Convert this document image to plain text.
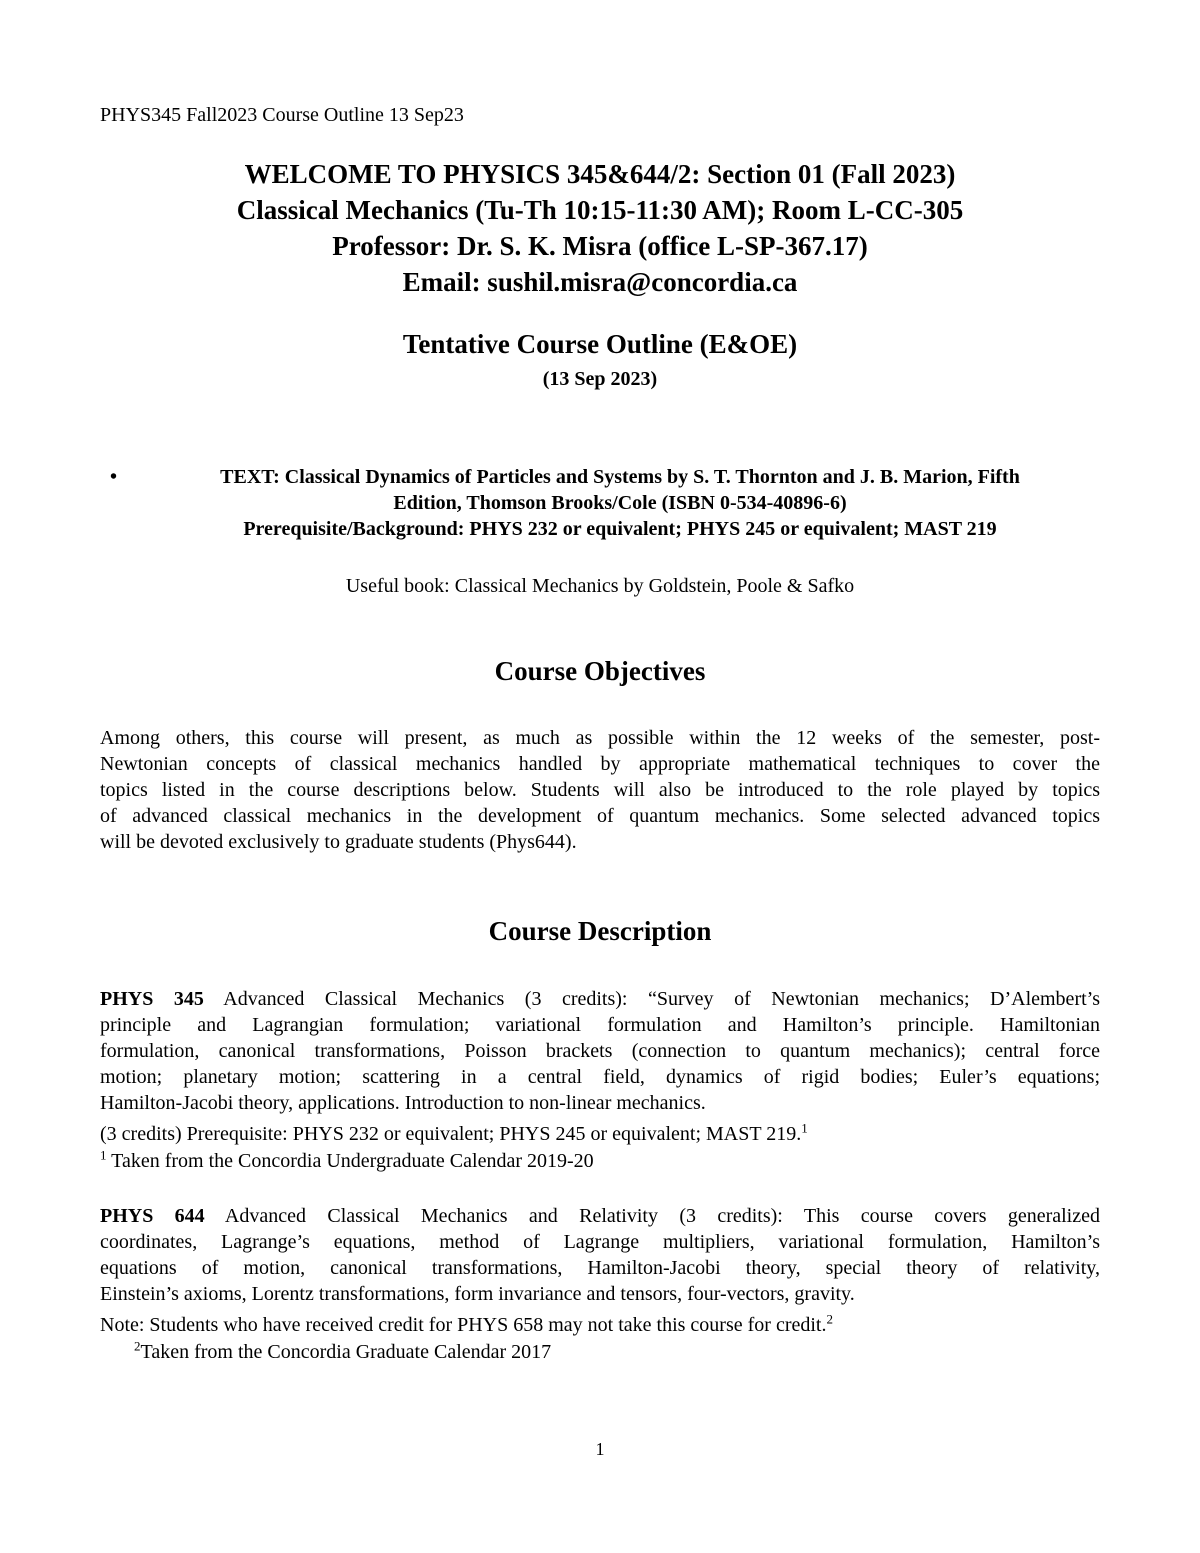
PHYS345 Fall2023 Course Outline 13 Sep23
WELCOME TO PHYSICS 345&644/2: Section 01 (Fall 2023)
Classical Mechanics (Tu-Th 10:15-11:30 AM); Room L-CC-305
Professor: Dr. S. K. Misra (office L-SP-367.17)
Email: sushil.misra@concordia.ca
Tentative Course Outline (E&OE)
(13 Sep 2023)
•	TEXT: Classical Dynamics of Particles and Systems by S. T. Thornton and J. B. Marion, Fifth
Edition, Thomson Brooks/Cole (ISBN 0-534-40896-6)
Prerequisite/Background: PHYS 232 or equivalent; PHYS 245 or equivalent; MAST 219
Useful book: Classical Mechanics by Goldstein, Poole & Safko
Course Objectives
Among others, this course will present, as much as possible within the 12 weeks of the semester, post-
Newtonian concepts of classical mechanics handled by appropriate mathematical techniques to cover the
topics listed in the course descriptions below. Students will also be introduced to the role played by topics
of advanced classical mechanics in the development of quantum mechanics. Some selected advanced topics
will be devoted exclusively to graduate students (Phys644).
Course Description
PHYS 345 Advanced Classical Mechanics (3 credits): “Survey of Newtonian mechanics; D’Alembert’s
principle and Lagrangian formulation; variational formulation and Hamilton’s principle. Hamiltonian
formulation, canonical transformations, Poisson brackets (connection to quantum mechanics); central force
motion; planetary motion; scattering in a central field, dynamics of rigid bodies; Euler’s equations;
Hamilton-Jacobi theory, applications. Introduction to non-linear mechanics.
(3 credits) Prerequisite: PHYS 232 or equivalent; PHYS 245 or equivalent; MAST 219.$^1$
$^1$ Taken from the Concordia Undergraduate Calendar 2019-20
PHYS 644 Advanced Classical Mechanics and Relativity (3 credits): This course covers generalized
coordinates, Lagrange’s equations, method of Lagrange multipliers, variational formulation, Hamilton’s
equations of motion, canonical transformations, Hamilton-Jacobi theory, special theory of relativity,
Einstein’s axioms, Lorentz transformations, form invariance and tensors, four-vectors, gravity.
Note: Students who have received credit for PHYS 658 may not take this course for credit.$^2$
$^2$Taken from the Concordia Graduate Calendar 2017
1
